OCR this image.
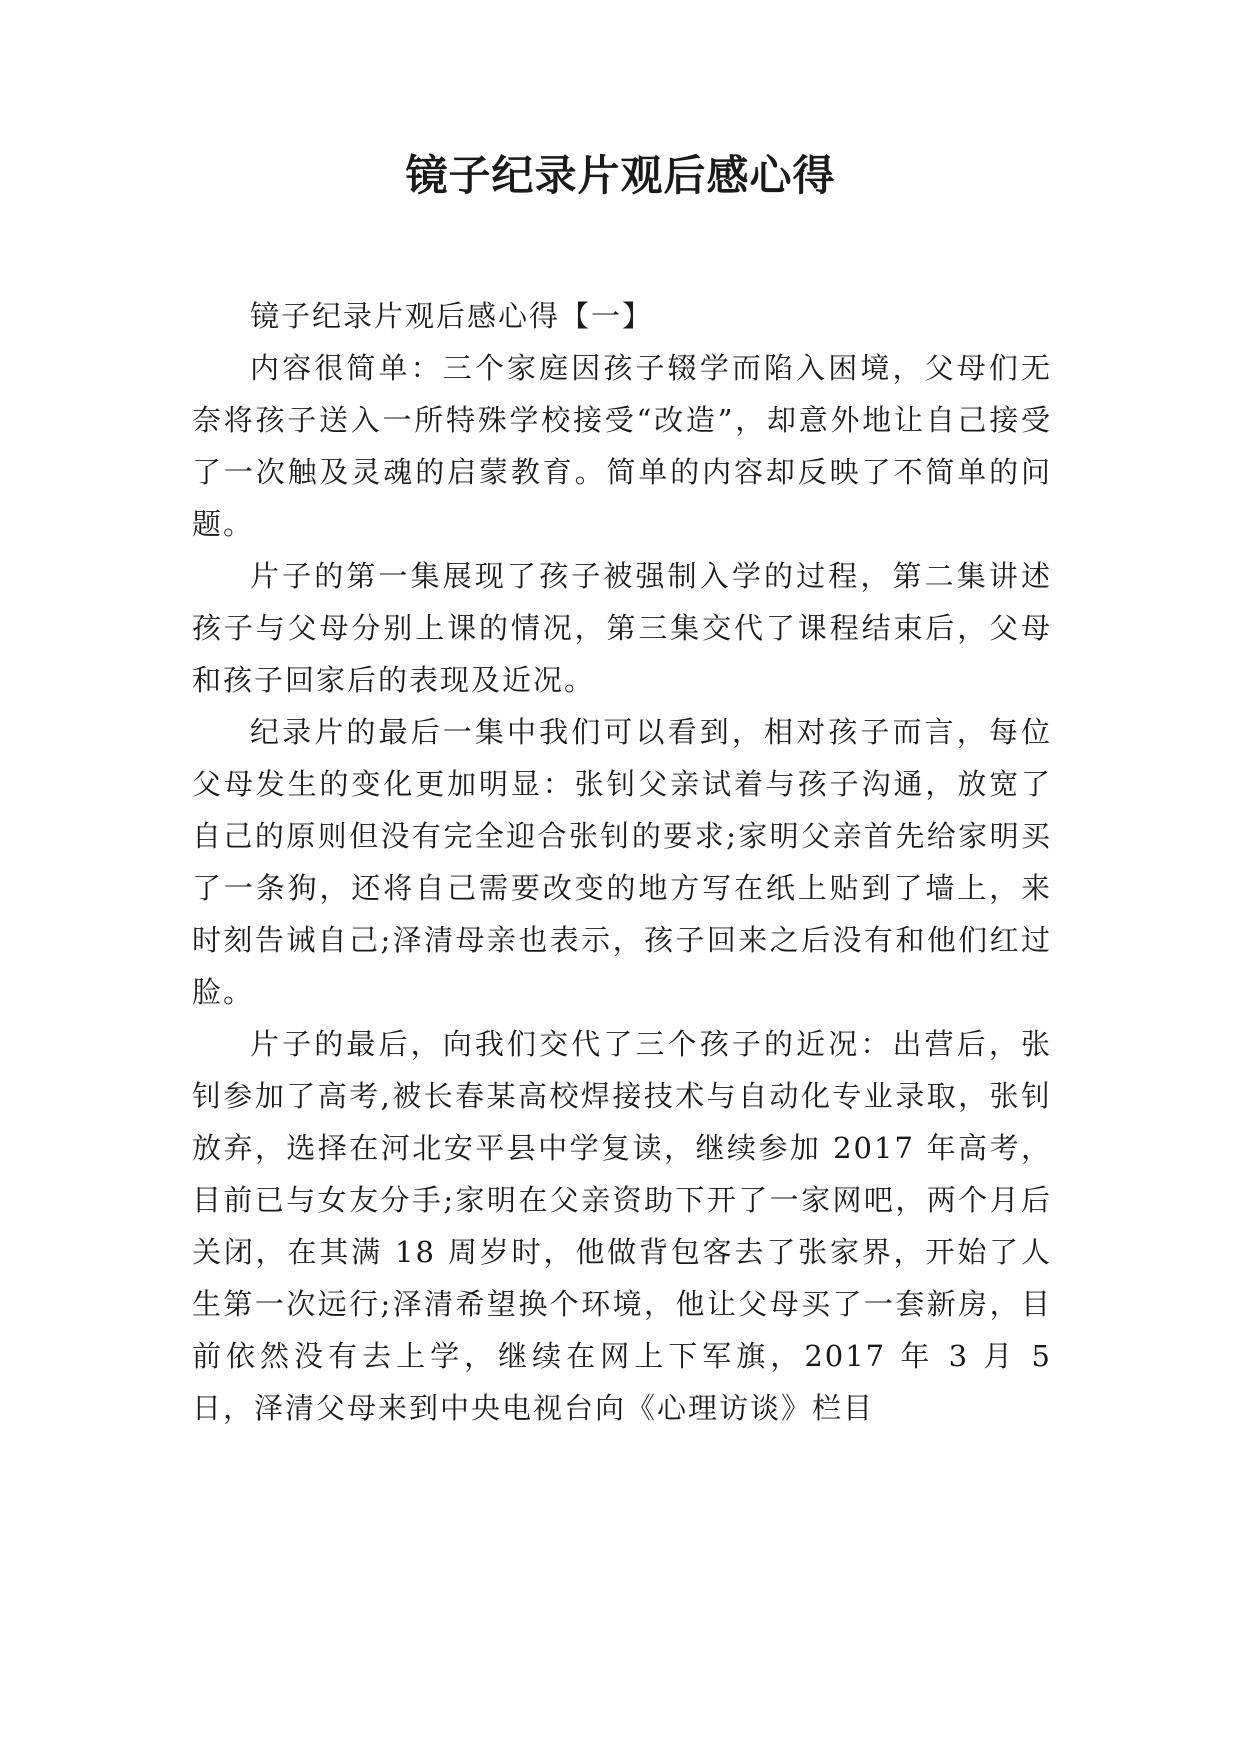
镜子纪录片观后感心得

镜子纪录片观后感心得【一】

内容很简单：三个家庭因孩子辍学而陷入困境，父母们无奈将孩子送入一所特殊学校接受“改造”，却意外地让自己接受了一次触及灵魂的启蒙教育。简单的内容却反映了不简单的问题。

片子的第一集展现了孩子被强制入学的过程，第二集讲述孩子与父母分别上课的情况，第三集交代了课程结束后，父母和孩子回家后的表现及近况。

纪录片的最后一集中我们可以看到，相对孩子而言，每位父母发生的变化更加明显：张钊父亲试着与孩子沟通，放宽了自己的原则但没有完全迎合张钊的要求;家明父亲首先给家明买了一条狗，还将自己需要改变的地方写在纸上贴到了墙上，来时刻告诫自己;泽清母亲也表示，孩子回来之后没有和他们红过脸。

片子的最后，向我们交代了三个孩子的近况：出营后，张钊参加了高考,被长春某高校焊接技术与自动化专业录取，张钊放弃，选择在河北安平县中学复读，继续参加 2017 年高考，目前已与女友分手;家明在父亲资助下开了一家网吧，两个月后关闭，在其满 18 周岁时，他做背包客去了张家界，开始了人生第一次远行;泽清希望换个环境，他让父母买了一套新房，目前依然没有去上学，继续在网上下军旗，2017 年 3 月 5 日，泽清父母来到中央电视台向《心理访谈》栏目
